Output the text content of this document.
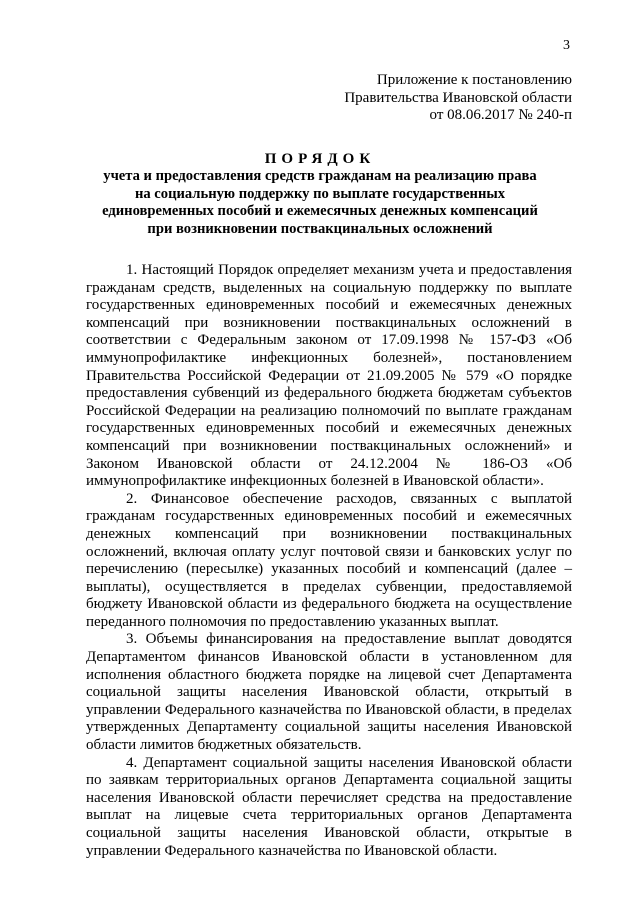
3
Приложение к постановлению
Правительства Ивановской области
от 08.06.2017 № 240-п
ПОРЯДОК
учета и предоставления средств гражданам на реализацию права
на социальную поддержку по выплате государственных
единовременных пособий и ежемесячных денежных компенсаций
при возникновении поствакцинальных осложнений

1. Настоящий Порядок определяет механизм учета и предоставления гражданам средств, выделенных на социальную поддержку по выплате государственных единовременных пособий и ежемесячных денежных компенсаций при возникновении поствакцинальных осложнений в соответствии с Федеральным законом от 17.09.1998 № 157-ФЗ «Об иммунопрофилактике инфекционных болезней», постановлением Правительства Российской Федерации от 21.09.2005 № 579 «О порядке предоставления субвенций из федерального бюджета бюджетам субъектов Российской Федерации на реализацию полномочий по выплате гражданам государственных единовременных пособий и ежемесячных денежных компенсаций при возникновении поствакцинальных осложнений» и Законом Ивановской области от 24.12.2004 № 186-ОЗ «Об иммунопрофилактике инфекционных болезней в Ивановской области».

2. Финансовое обеспечение расходов, связанных с выплатой гражданам государственных единовременных пособий и ежемесячных денежных компенсаций при возникновении поствакцинальных осложнений, включая оплату услуг почтовой связи и банковских услуг по перечислению (пересылке) указанных пособий и компенсаций (далее – выплаты), осуществляется в пределах субвенции, предоставляемой бюджету Ивановской области из федерального бюджета на осуществление переданного полномочия по предоставлению указанных выплат.

3. Объемы финансирования на предоставление выплат доводятся Департаментом финансов Ивановской области в установленном для исполнения областного бюджета порядке на лицевой счет Департамента социальной защиты населения Ивановской области, открытый в управлении Федерального казначейства по Ивановской области, в пределах утвержденных Департаменту социальной защиты населения Ивановской области лимитов бюджетных обязательств.

4. Департамент социальной защиты населения Ивановской области по заявкам территориальных органов Департамента социальной защиты населения Ивановской области перечисляет средства на предоставление выплат на лицевые счета территориальных органов Департамента социальной защиты населения Ивановской области, открытые в управлении Федерального казначейства по Ивановской области.
